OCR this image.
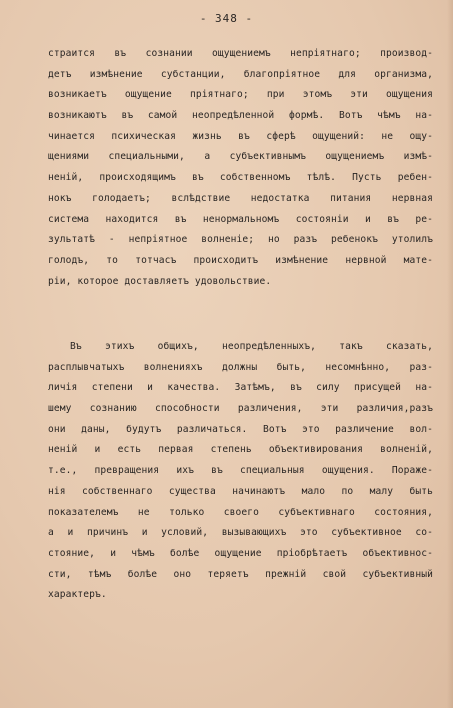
- 348 -
страится въ сознании ощущениемъ непрiятнаго; производ-
детъ измѣнение субстанции, благопрiятное для организма,
возникаетъ ощущение прiятнаго; при этомъ эти ощущения
возникаютъ въ самой неопредѣленной формѣ. Вотъ чѣмъ на-
чинается психическая жизнь въ сферѣ ощущений: не ощу-
щениями специальными, а субъективнымъ ощущениемъ измѣ-
ненiй, происходящимъ въ собственномъ тѣлѣ. Пусть ребен-
нокъ голодаетъ; вслѣдствие недостатка питания нервная
система находится въ ненормальномъ состоянiи и въ ре-
зультатѣ - непрiятное волненiе; но разъ ребенокъ утолилъ
голодъ, то тотчасъ происходитъ измѣнение нервной мате-
рiи, которое доставляетъ удовольствие.
Въ этихъ общихъ, неопредѣленныхъ, такъ сказать,
расплывчатыхъ волненияхъ должны быть, несомнѣнно, раз-
личiя степени и качества. Затѣмъ, въ силу присущей на-
шему сознанию способности различения, эти различия,разъ
они даны, будутъ различаться. Вотъ это различение вол-
ненiй и есть первая степень объективирования волненiй,
т.е., превращения ихъ въ специальныя ощущения. Пораже-
нiя собственнаго существа начинаютъ мало по малу быть
показателемъ не только своего субъективнаго состояния,
а и причинъ и условий, вызывающихъ это субъективное со-
стояние, и чѣмъ болѣе ощущение прiобрѣтаетъ объективнос-
сти, тѣмъ болѣе оно теряетъ прежнiй свой субъективный
характеръ.
